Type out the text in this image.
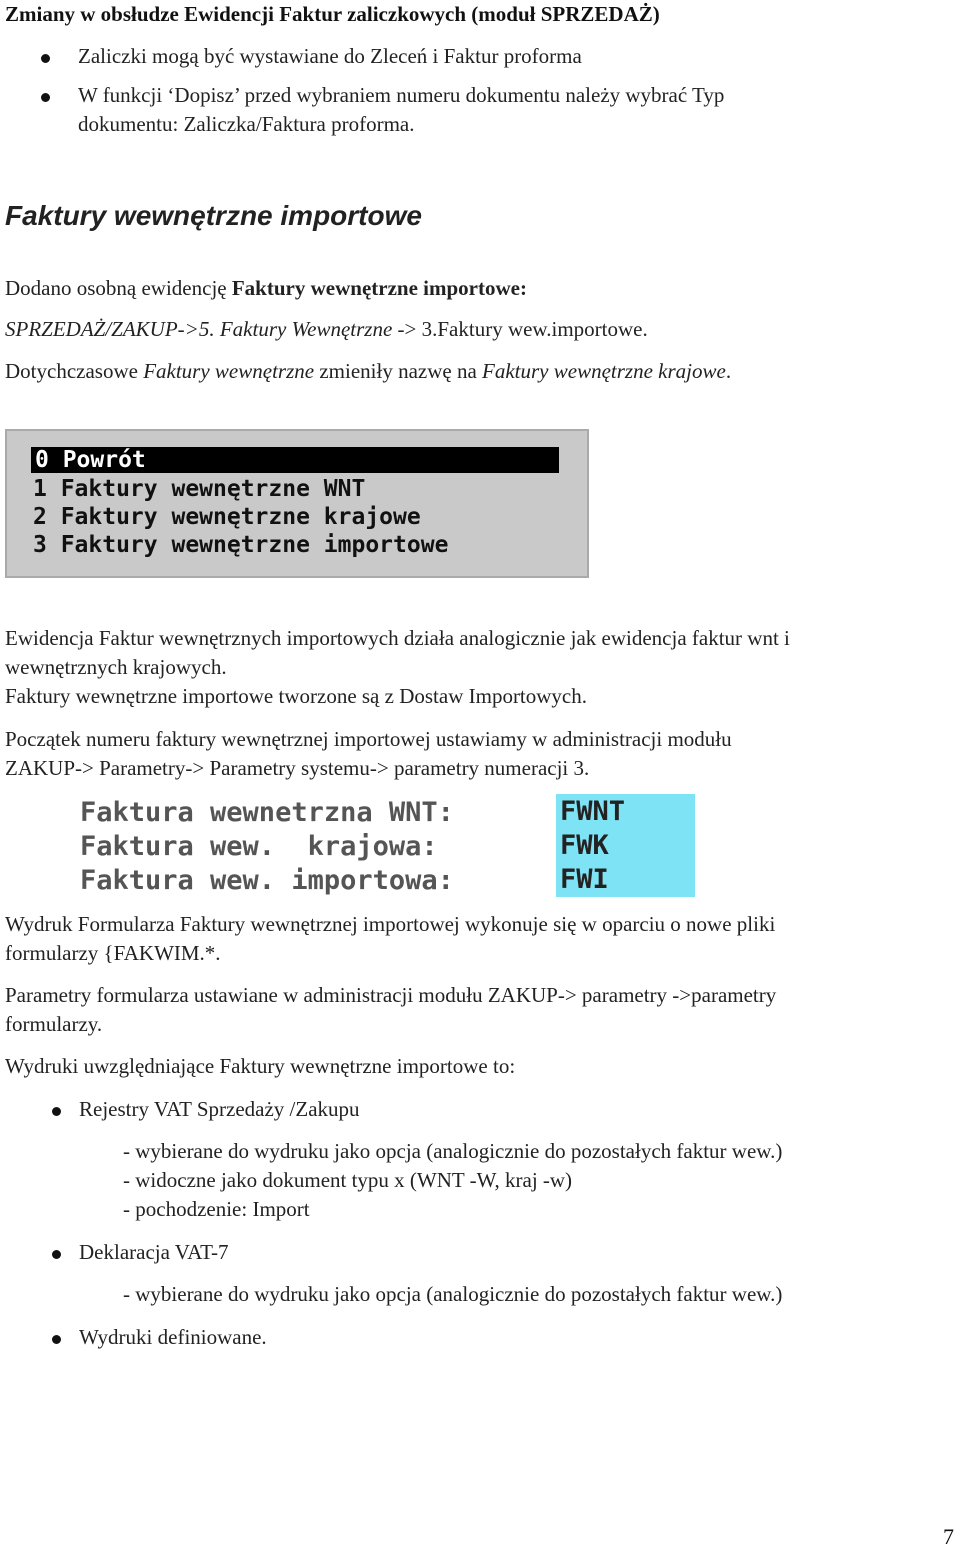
Zmiany w obsłudze Ewidencji Faktur zaliczkowych (moduł SPRZEDAŻ)
Zaliczki mogą być wystawiane do Zleceń i Faktur proforma
W funkcji ‘Dopisz’ przed wybraniem numeru dokumentu należy wybrać Typ
dokumentu: Zaliczka/Faktura proforma.
Faktury wewnętrzne importowe
Dodano osobną ewidencję Faktury wewnętrzne importowe:
SPRZEDAŻ/ZAKUP->5. Faktury Wewnętrzne -> 3.Faktury wew.importowe.
Dotychczasowe Faktury wewnętrzne zmieniły nazwę na Faktury wewnętrzne krajowe.
0 Powrót
1 Faktury wewnętrzne WNT
2 Faktury wewnętrzne krajowe
3 Faktury wewnętrzne importowe
Ewidencja Faktur wewnętrznych importowych działa analogicznie jak ewidencja faktur wnt i
wewnętrznych krajowych.
Faktury wewnętrzne importowe tworzone są z Dostaw Importowych.
Początek numeru faktury wewnętrznej importowej ustawiamy w administracji modułu
ZAKUP-> Parametry-> Parametry systemu-> parametry numeracji 3.
Faktura wewnetrzna WNT:	FWNT
Faktura wew.  krajowa:	FWK
Faktura wew. importowa:	FWI
Wydruk Formularza Faktury wewnętrznej importowej wykonuje się w oparciu o nowe pliki
formularzy {FAKWIM.*.
Parametry formularza ustawiane w administracji modułu ZAKUP-> parametry ->parametry
formularzy.
Wydruki uwzględniające Faktury wewnętrzne importowe to:
Rejestry VAT Sprzedaży /Zakupu
- wybierane do wydruku jako opcja (analogicznie do pozostałych faktur wew.)
- widoczne jako dokument typu x (WNT -W, kraj -w)
- pochodzenie: Import
Deklaracja VAT-7
- wybierane do wydruku jako opcja (analogicznie do pozostałych faktur wew.)
Wydruki definiowane.
7
